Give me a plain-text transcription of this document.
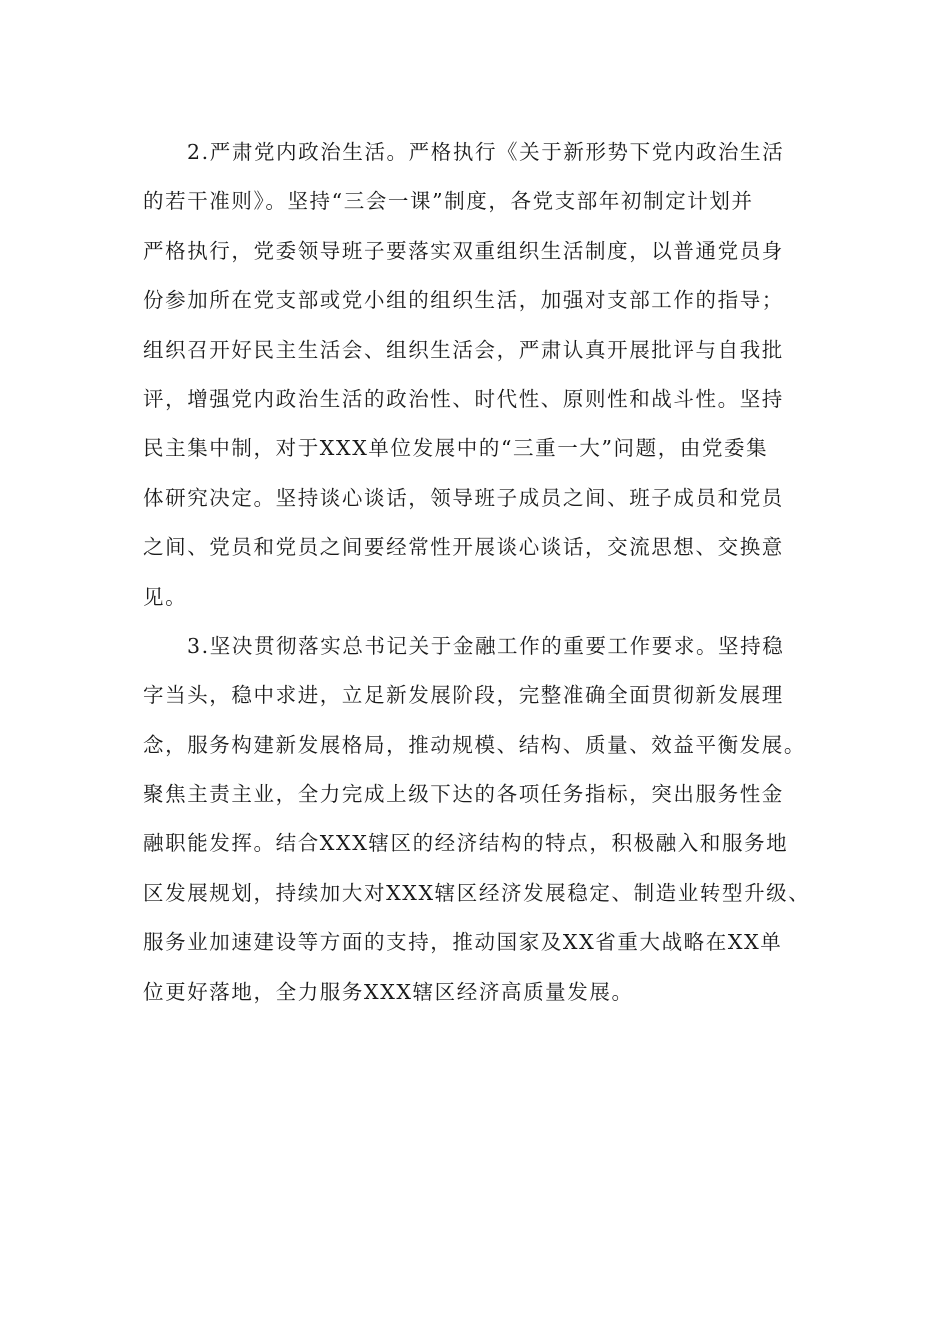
2.严肃党内政治生活。严格执行《关于新形势下党内政治生活
的若干准则》。坚持“三会一课”制度，各党支部年初制定计划并
严格执行，党委领导班子要落实双重组织生活制度，以普通党员身
份参加所在党支部或党小组的组织生活，加强对支部工作的指导；
组织召开好民主生活会、组织生活会，严肃认真开展批评与自我批
评，增强党内政治生活的政治性、时代性、原则性和战斗性。坚持
民主集中制，对于XXX单位发展中的“三重一大”问题，由党委集
体研究决定。坚持谈心谈话，领导班子成员之间、班子成员和党员
之间、党员和党员之间要经常性开展谈心谈话，交流思想、交换意
见。
3.坚决贯彻落实总书记关于金融工作的重要工作要求。坚持稳
字当头，稳中求进，立足新发展阶段，完整准确全面贯彻新发展理
念，服务构建新发展格局，推动规模、结构、质量、效益平衡发展。
聚焦主责主业，全力完成上级下达的各项任务指标，突出服务性金
融职能发挥。结合XXX辖区的经济结构的特点，积极融入和服务地
区发展规划，持续加大对XXX辖区经济发展稳定、制造业转型升级、
服务业加速建设等方面的支持，推动国家及XX省重大战略在XX单
位更好落地，全力服务XXX辖区经济高质量发展。
